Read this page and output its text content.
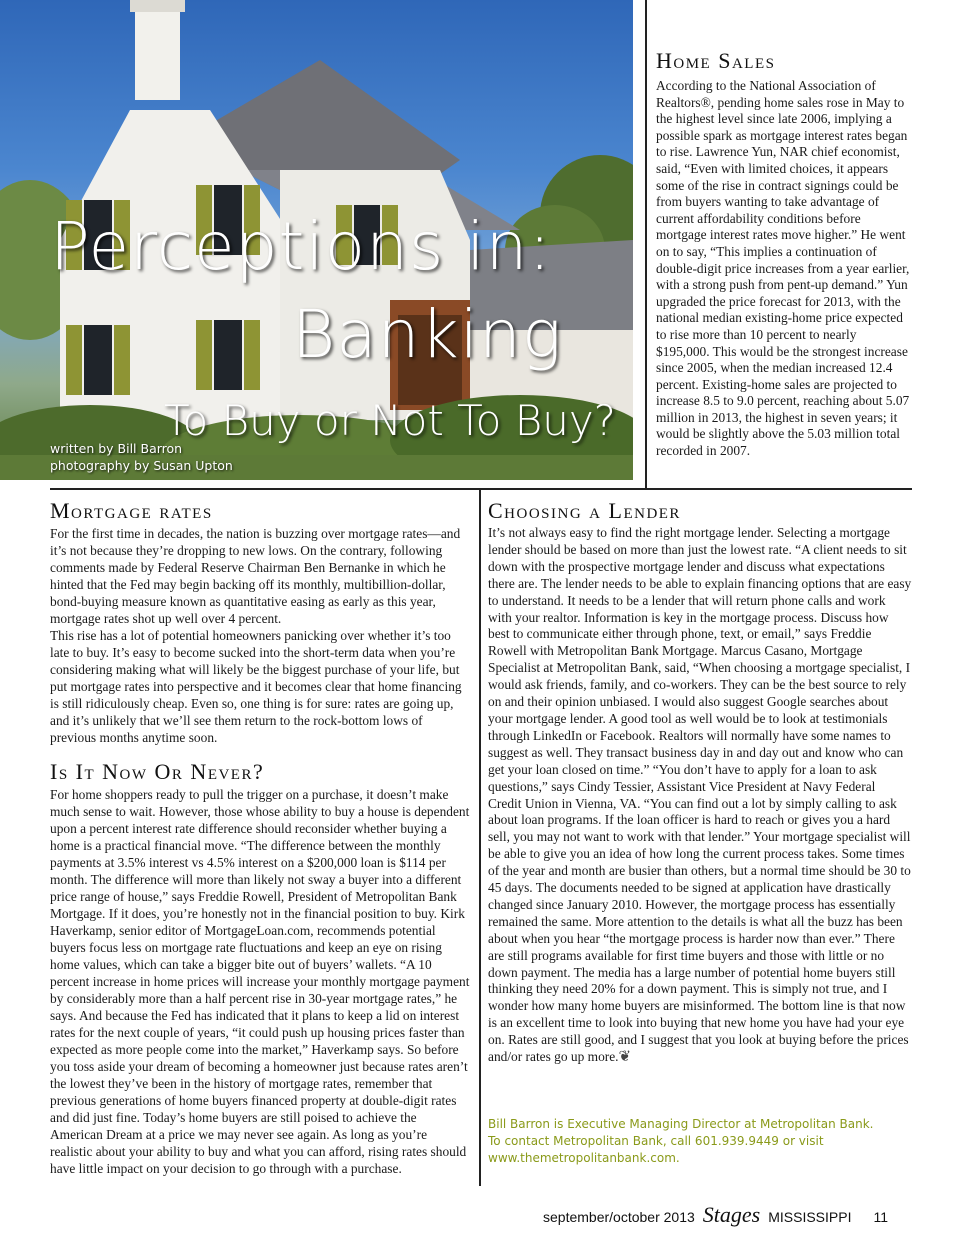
Perceptions in:
Banking
To Buy or Not To Buy?
written by Bill Barron
photography by Susan Upton
Home Sales

According to the National Association of Realtors®, pending home sales rose in May to the highest level since late 2006, implying a possible spark as mortgage interest rates began to rise. Lawrence Yun, NAR chief economist, said, “Even with limited choices, it appears some of the rise in contract signings could be from buyers wanting to take advantage of current affordability conditions before mortgage interest rates move higher.” He went on to say, “This implies a continuation of double-digit price increases from a year earlier, with a strong push from pent-up demand.” Yun upgraded the price forecast for 2013, with the national median existing-home price expected to rise more than 10 percent to nearly $195,000. This would be the strongest increase since 2005, when the median increased 12.4 percent. Existing-home sales are projected to increase 8.5 to 9.0 percent, reaching about 5.07 million in 2013, the highest in seven years; it would be slightly above the 5.03 million total recorded in 2007.

Mortgage rates

For the first time in decades, the nation is buzzing over mortgage rates—and it’s not because they’re dropping to new lows. On the contrary, following comments made by Federal Reserve Chairman Ben Bernanke in which he hinted that the Fed may begin backing off its monthly, multibillion-dollar, bond-buying measure known as quantitative easing as early as this year, mortgage rates shot up well over 4 percent.

This rise has a lot of potential homeowners panicking over whether it’s too late to buy. It’s easy to become sucked into the short-term data when you’re considering making what will likely be the biggest purchase of your life, but put mortgage rates into perspective and it becomes clear that home financing is still ridiculously cheap. Even so, one thing is for sure: rates are going up, and it’s unlikely that we’ll see them return to the rock-bottom lows of previous months anytime soon.

Is It Now Or Never?

For home shoppers ready to pull the trigger on a purchase, it doesn’t make much sense to wait. However, those whose ability to buy a house is dependent upon a percent interest rate difference should reconsider whether buying a home is a practical financial move. “The difference between the monthly payments at 3.5% interest vs 4.5% interest on a $200,000 loan is $114 per month. The difference will more than likely not sway a buyer into a different price range of house,” says Freddie Rowell, President of Metropolitan Bank Mortgage. If it does, you’re honestly not in the financial position to buy. Kirk Haverkamp, senior editor of MortgageLoan.com, recommends potential buyers focus less on mortgage rate fluctuations and keep an eye on rising home values, which can take a bigger bite out of buyers’ wallets. “A 10 percent increase in home prices will increase your monthly mortgage payment by considerably more than a half percent rise in 30-year mortgage rates,” he says. And because the Fed has indicated that it plans to keep a lid on interest rates for the next couple of years, “it could push up housing prices faster than expected as more people come into the market,” Haverkamp says. So before you toss aside your dream of becoming a homeowner just because rates aren’t the lowest they’ve been in the history of mortgage rates, remember that previous generations of home buyers financed property at double-digit rates and did just fine. Today’s home buyers are still poised to achieve the American Dream at a price we may never see again. As long as you’re realistic about your ability to buy and what you can afford, rising rates should have little impact on your decision to go through with a purchase.

Choosing a Lender

It’s not always easy to find the right mortgage lender. Selecting a mortgage lender should be based on more than just the lowest rate. “A client needs to sit down with the prospective mortgage lender and discuss what expectations there are. The lender needs to be able to explain financing options that are easy to understand. It needs to be a lender that will return phone calls and work with your realtor. Information is key in the mortgage process. Discuss how best to communicate either through phone, text, or email,” says Freddie Rowell with Metropolitan Bank Mortgage. Marcus Casano, Mortgage Specialist at Metropolitan Bank, said, “When choosing a mortgage specialist, I would ask friends, family, and co-workers. They can be the best source to rely on and their opinion unbiased. I would also suggest Google searches about your mortgage lender. A good tool as well would be to look at testimonials through LinkedIn or Facebook. Realtors will normally have some names to suggest as well. They transact business day in and day out and know who can get your loan closed on time.” “You don’t have to apply for a loan to ask questions,” says Cindy Tessier, Assistant Vice President at Navy Federal Credit Union in Vienna, VA. “You can find out a lot by simply calling to ask about loan programs. If the loan officer is hard to reach or gives you a hard sell, you may not want to work with that lender.” Your mortgage specialist will be able to give you an idea of how long the current process takes. Some times of the year and month are busier than others, but a normal time should be 30 to 45 days. The documents needed to be signed at application have drastically changed since January 2010. However, the mortgage process has essentially remained the same. More attention to the details is what all the buzz has been about when you hear “the mortgage process is harder now than ever.” There are still programs available for first time buyers and those with little or no down payment. The media has a large number of potential home buyers still thinking they need 20% for a down payment. This is simply not true, and I wonder how many home buyers are misinformed. The bottom line is that now is an excellent time to look into buying that new home you have had your eye on. Rates are still good, and I suggest that you look at buying before the prices and/or rates go up more.❦

Bill Barron is Executive Managing Director at Metropolitan Bank.
To contact Metropolitan Bank, call 601.939.9449 or visit
www.themetropolitanbank.com.
september/october 2013 Stages MISSISSIPPI 11
